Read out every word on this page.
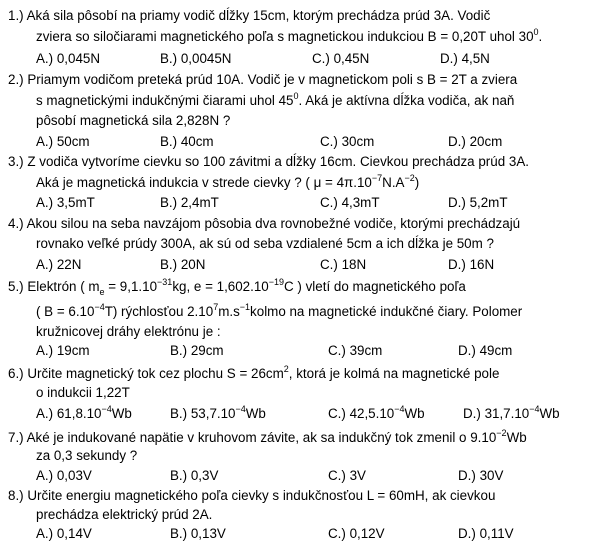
1.) Aká sila pôsobí na priamy vodič dĺžky 15cm, ktorým prechádza prúd 3A. Vodič
zviera so siločiarami magnetického poľa s magnetickou indukciou B = 0,20T uhol $30^0$.
A.) 0,045N	B.) 0,0045N	C.) 0,45N	D.) 4,5N
2.) Priamym vodičom preteká prúd 10A. Vodič je v magnetickom poli s B = 2T a zviera
s magnetickými indukčnými čiarami uhol $45^0$. Aká je aktívna dĺžka vodiča, ak naň
pôsobí magnetická sila 2,828N ?
A.) 50cm	B.) 40cm	C.) 30cm	D.) 20cm
3.) Z vodiča vytvoríme cievku so 100 závitmi a dĺžky 16cm. Cievkou prechádza prúd 3A.
Aká je magnetická indukcia v strede cievky ? ( $\mu = 4\pi.10^{-7}N.A^{-2}$)
A.) 3,5mT	B.) 2,4mT	C.) 4,3mT	D.) 5,2mT
4.) Akou silou na seba navzájom pôsobia dva rovnobežné vodiče, ktorými prechádzajú
rovnako veľké prúdy 300A, ak sú od seba vzdialené 5cm a ich dĺžka je 50m ?
A.) 22N	B.) 20N	C.) 18N	D.) 16N
5.) Elektrón ( $m_e = 9,1.10^{-31}kg$, $e = 1,602.10^{-19}C$ ) vletí do magnetického poľa
( $B = 6.10^{-4}T$) rýchlosťou $2.10^7m.s^{-1}kolmo$ na magnetické indukčné čiary. Polomer
kružnicovej dráhy elektrónu je :
A.) 19cm	B.) 29cm	C.) 39cm	D.) 49cm
6.) Určite magnetický tok cez plochu $S = 26cm^2$, ktorá je kolmá na magnetické pole
o indukcii 1,22T
A.) $61,8.10^{-4}Wb$	B.) $53,7.10^{-4}Wb$	C.) $42,5.10^{-4}Wb$	D.) $31,7.10^{-4}Wb$
7.) Aké je indukované napätie v kruhovom závite, ak sa indukčný tok zmenil o $9.10^{-2}Wb$
za 0,3 sekundy ?
A.) 0,03V	B.) 0,3V	C.) 3V	D.) 30V
8.) Určite energiu magnetického poľa cievky s indukčnosťou L = 60mH, ak cievkou
prechádza elektrický prúd 2A.
A.) 0,14V	B.) 0,13V	C.) 0,12V	D.) 0,11V
